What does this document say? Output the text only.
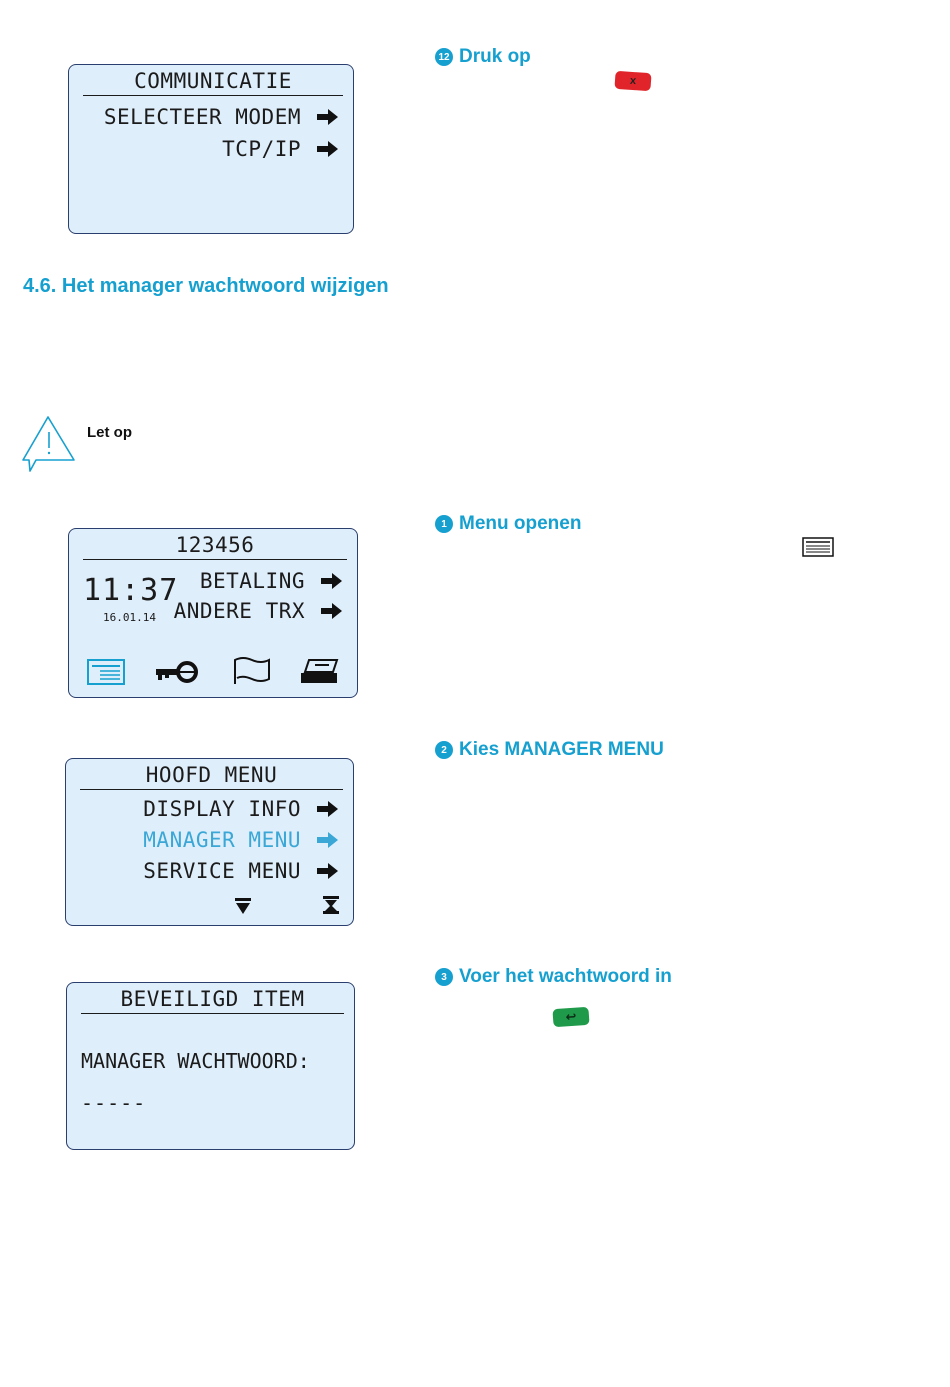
COMMUNICATIE
SELECTEER MODEM
TCP/IP
12 Druk op
x
4.6. Het manager wachtwoord wijzigen
Let op
123456
11:37
16.01.14
BETALING
ANDERE TRX
1 Menu openen
HOOFD MENU
DISPLAY INFO
MANAGER MENU
SERVICE MENU
2 Kies MANAGER MENU
BEVEILIGD ITEM
MANAGER WACHTWOORD:
-----
3 Voer het wachtwoord in
↩
